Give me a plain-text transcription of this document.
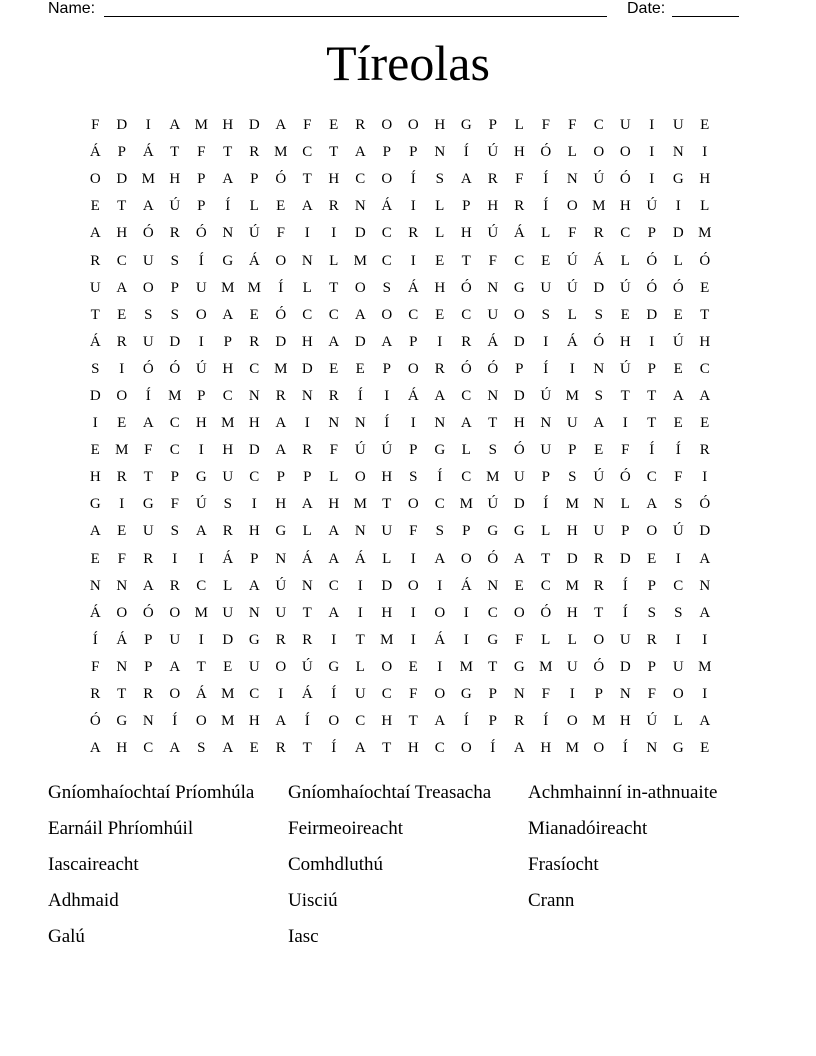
Name:	Date:
Tíreolas
F	D	I	A M H	D	A	F	E	R	O	O	H	G	P	L	F	F	C	U	I	U	E
Á	P	Á	T	F	T	R M C	T	A	P	P	N	Í	Ú	H	Ó	L	O	O	I	N	I
O	D M H	P	A	P	Ó	T	H	C	O	Í	S	A	R	F	Í	N	Ú	Ó	I	G	H
E	T	A	Ú	P	Í	L	E	A	R	N	Á	I	L	P	H	R	Í	O M H	Ú	I	L
A	H	Ó	R	Ó	N	Ú	F	I	I	D	C	R	L	H	Ú	Á	L	F	R	C	P	D M
R	C	U	S	Í	G	Á	O	N	L	M C	I	E	T	F	C	E	Ú	Á	L	Ó	L	Ó
U	A	O	P	U M M	Í	L	T	O	S	Á	H	Ó	N	G	U	Ú	D	Ú	Ó	Ó	E
T	E	S	S	O	A	E	Ó	C	C	A	O	C	E	C	U	O	S	L	S	E	D	E	T
Á	R	U	D	I	P	R	D	H	A	D	A	P	I	R	Á	D	I	Á	Ó	H	I	Ú	H
S	I	Ó	Ó	Ú	H	C M D	E	E	P	O	R	Ó	Ó	P	Í	I	N	Ú	P	E	C
D	O	Í	M	P	C	N	R	N	R	Í	I	Á	A	C	N	D	Ú M	S	T	T	A	A
I	E	A	C	H M H	A	I	N	N	Í	I	N	A	T	H	N	U	A	I	T	E	E
E	M	F	C	I	H	D	A	R	F	Ú	Ú	P	G	L	S	Ó	U	P	E	F	Í	Í	R
H	R	T	P	G	U	C	P	P	L	O	H	S	Í	C M U	P	S	Ú	Ó	C	F	I
G	I	G	F	Ú	S	I	H	A	H M	T	O	C M Ú	D	Í	M N	L	A	S	Ó
A	E	U	S	A	R	H	G	L	A	N	U	F	S	P	G	G	L	H	U	P	O	Ú	D
E	F	R	I	I	Á	P	N	Á	A	Á	L	I	A	O	Ó	A	T	D	R	D	E	I	A
N	N	A	R	C	L	A	Ú	N	C	I	D	O	I	Á	N	E	C M R	Í	P	C	N
Á	O	Ó	O M U	N	U	T	A	I	H	I	O	I	C	O	Ó	H	T	Í	S	S	A
Í	Á	P	U	I	D	G	R	R	I	T	M	I	Á	I	G	F	L	L	O	U	R	I	I
F	N	P	A	T	E	U	O	Ú	G	L	O	E	I	M	T	G M U	Ó	D	P	U M
R	T	R	O	Á M C	I	Á	Í	U	C	F	O	G	P	N	F	I	P	N	F	O	I
Ó	G	N	Í	O M H	A	Í	O	C	H	T	A	Í	P	R	Í	O M H	Ú	L	A
A	H	C	A	S	A	E	R	T	Í	A	T	H	C	O	Í	A	H M O	Í	N	G	E
Gníomhaíochtaí Príomhúla	Gníomhaíochtaí Treasacha	Achmhainní in-athnuaite
Earnáil Phríomhúil	Feirmeoireacht	Mianadóireacht
Iascaireacht	Comhdluthú	Frasíocht
Adhmaid	Uisciú	Crann
Galú	Iasc
